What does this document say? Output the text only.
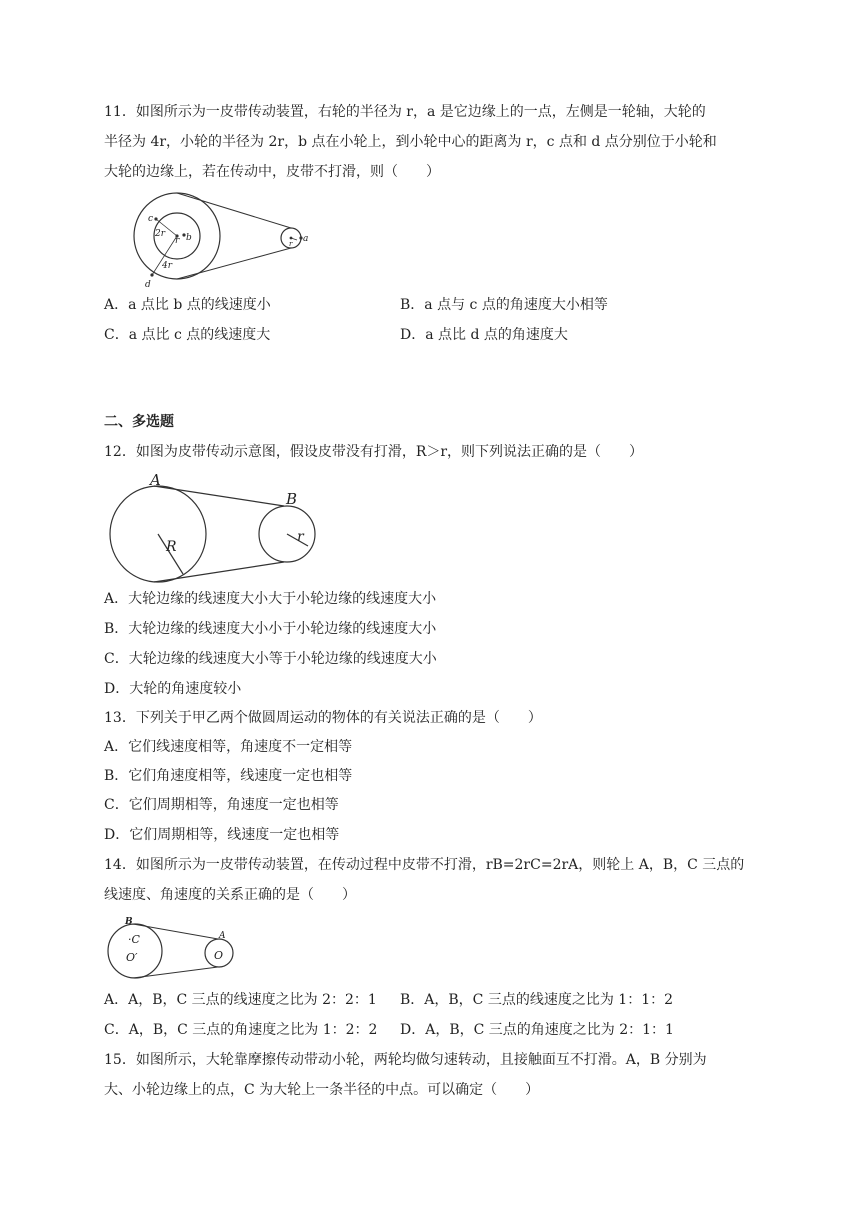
11．如图所示为一皮带传动装置，右轮的半径为 r，a 是它边缘上的一点，左侧是一轮轴，大轮的
半径为 4r，小轮的半径为 2r，b 点在小轮上，到小轮中心的距离为 r，c 点和 d 点分别位于小轮和
大轮的边缘上，若在传动中，皮带不打滑，则（　　）
c
2r
r b
4r
d
r a
A．a 点比 b 点的线速度小	B．a 点与 c 点的角速度大小相等
C．a 点比 c 点的线速度大	D．a 点比 d 点的角速度大
二、多选题
12．如图为皮带传动示意图，假设皮带没有打滑，R＞r，则下列说法正确的是（　　）
A
B
R
r
A．大轮边缘的线速度大小大于小轮边缘的线速度大小
B．大轮边缘的线速度大小小于小轮边缘的线速度大小
C．大轮边缘的线速度大小等于小轮边缘的线速度大小
D．大轮的角速度较小
13．下列关于甲乙两个做圆周运动的物体的有关说法正确的是（　　）
A．它们线速度相等，角速度不一定相等
B．它们角速度相等，线速度一定也相等
C．它们周期相等，角速度一定也相等
D．它们周期相等，线速度一定也相等
14．如图所示为一皮带传动装置，在传动过程中皮带不打滑，rB=2rC=2rA，则轮上 A，B，C 三点的
线速度、角速度的关系正确的是（　　）
B
·C
O′
A
O
A．A，B，C 三点的线速度之比为 2：2：1 B．A，B，C 三点的线速度之比为 1：1：2
C．A，B，C 三点的角速度之比为 1：2：2 D．A，B，C 三点的角速度之比为 2：1：1
15．如图所示，大轮靠摩擦传动带动小轮，两轮均做匀速转动，且接触面互不打滑。A，B 分别为
大、小轮边缘上的点，C 为大轮上一条半径的中点。可以确定（　　）
